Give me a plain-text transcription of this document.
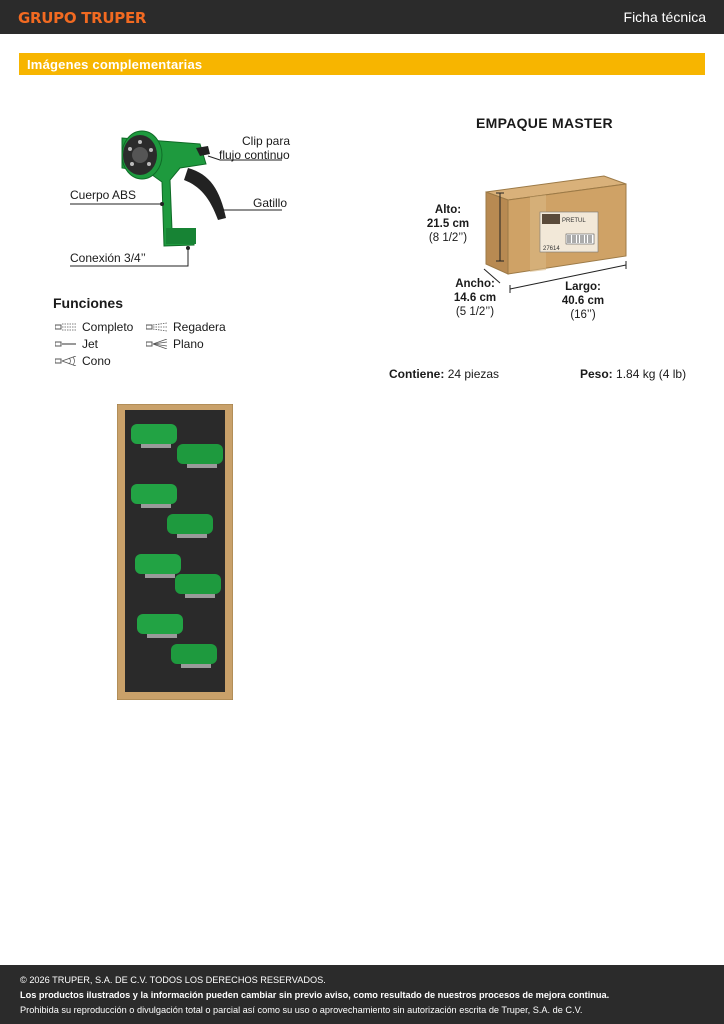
GRUPO TRUPER	Ficha técnica
Imágenes complementarias
Clip para
flujo continuo
Cuerpo ABS
Gatillo
Conexión 3/4’’
Funciones
Completo	Regadera
Jet	Plano
Cono
EMPAQUE MASTER
PRETUL
27614
Alto:
21.5 cm
(8 1/2’’)
Ancho:
14.6 cm
(5 1/2’’)
Largo:
40.6 cm
(16’’)
Contiene: 24 piezas	Peso: 1.84 kg (4 lb)
© 2026 TRUPER, S.A. DE C.V. TODOS LOS DERECHOS RESERVADOS.
Los productos ilustrados y la información pueden cambiar sin previo aviso, como resultado de nuestros procesos de mejora continua.
Prohibida su reproducción o divulgación total o parcial así como su uso o aprovechamiento sin autorización escrita de Truper, S.A. de C.V.
